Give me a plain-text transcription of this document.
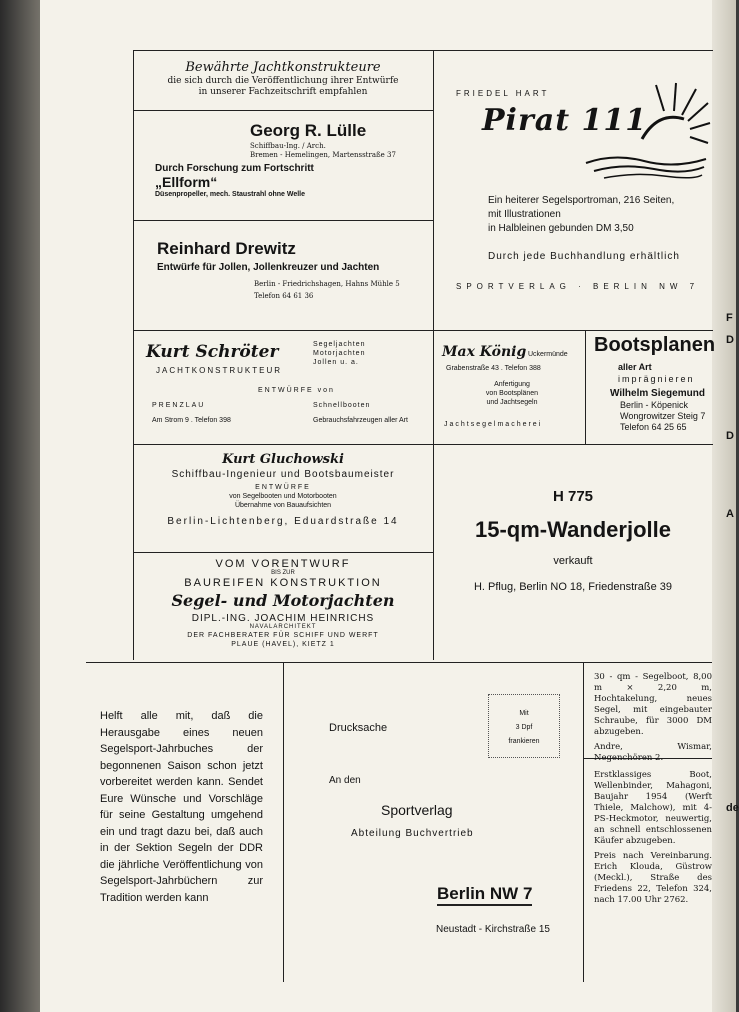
F
D
D
A
de
Bewährte Jachtkonstrukteure
die sich durch die Veröffentlichung ihrer Entwürfe
in unserer Fachzeitschrift empfahlen
Georg R. Lülle
Schiffbau-Ing. / Arch.
Bremen - Hemelingen, Martensstraße 37
Durch Forschung zum Fortschritt
„Ellform“
Düsenpropeller, mech. Staustrahl ohne Welle
Reinhard Drewitz
Entwürfe für Jollen, Jollenkreuzer und Jachten
Berlin - Friedrichshagen, Hahns Mühle 5
Telefon 64 61 36
FRIEDEL HART
Pirat 111
Ein heiterer Segelsportroman, 216 Seiten,
mit Illustrationen
in Halbleinen gebunden DM 3,50
Durch jede Buchhandlung erhältlich
SPORTVERLAG · BERLIN NW 7
Kurt Schröter
JACHTKONSTRUKTEUR
Segeljachten
Motorjachten
Jollen u. a.
ENTWÜRFE von
PRENZLAU	Schnellbooten
Am Strom 9 . Telefon 398	Gebrauchsfahrzeugen aller Art
Max König Uckermünde
Grabenstraße 43 . Telefon 388
Anfertigung
von Bootsplänen
und Jachtsegeln
Jachtsegelmacherei
Bootsplanen
aller Art
imprägnieren
Wilhelm Siegemund
Berlin - Köpenick
Wongrowitzer Steig 7
Telefon 64 25 65
Kurt Gluchowski
Schiffbau-Ingenieur und Bootsbaumeister
ENTWÜRFE
von Segelbooten und Motorbooten
Übernahme von Bauaufsichten
Berlin-Lichtenberg, Eduardstraße 14
VOM VORENTWURF
BIS ZUR
BAUREIFEN KONSTRUKTION
Segel- und Motorjachten
DIPL.-ING. JOACHIM HEINRICHS
NAVALARCHITEKT
DER FACHBERATER FÜR SCHIFF UND WERFT
PLAUE (HAVEL), KIETZ 1
H 775
15-qm-Wanderjolle
verkauft
H. Pflug, Berlin NO 18, Friedenstraße 39
Helft alle mit, daß die Herausgabe eines neuen Segelsport-Jahrbuches der begonnenen Saison schon jetzt vorbereitet werden kann. Sendet Eure Wünsche und Vorschläge für seine Gestaltung umgehend ein und tragt dazu bei, daß auch in der Sektion Segeln der DDR die jährliche Veröffentlichung von Segelsport-Jahrbüchern zur Tradition werden kann
Drucksache
Mit
3 Dpf
frankieren
An den
Sportverlag
Abteilung Buchvertrieb
Berlin NW 7
Neustadt - Kirchstraße 15
30 - qm - Segelboot, 8,00 m × 2,20 m, Hochtakelung, neues Segel, mit eingebauter Schraube, für 3000 DM abzugeben.
Andre, Wismar, Negenchören 2.
Erstklassiges Boot, Wellenbinder, Mahagoni, Baujahr 1954 (Werft Thiele, Malchow), mit 4-PS-Heckmotor, neuwertig, an schnell entschlossenen Käufer abzugeben.
Preis nach Vereinbarung. Erich Klouda, Güstrow (Meckl.), Straße des Friedens 22, Telefon 324, nach 17.00 Uhr 2762.
